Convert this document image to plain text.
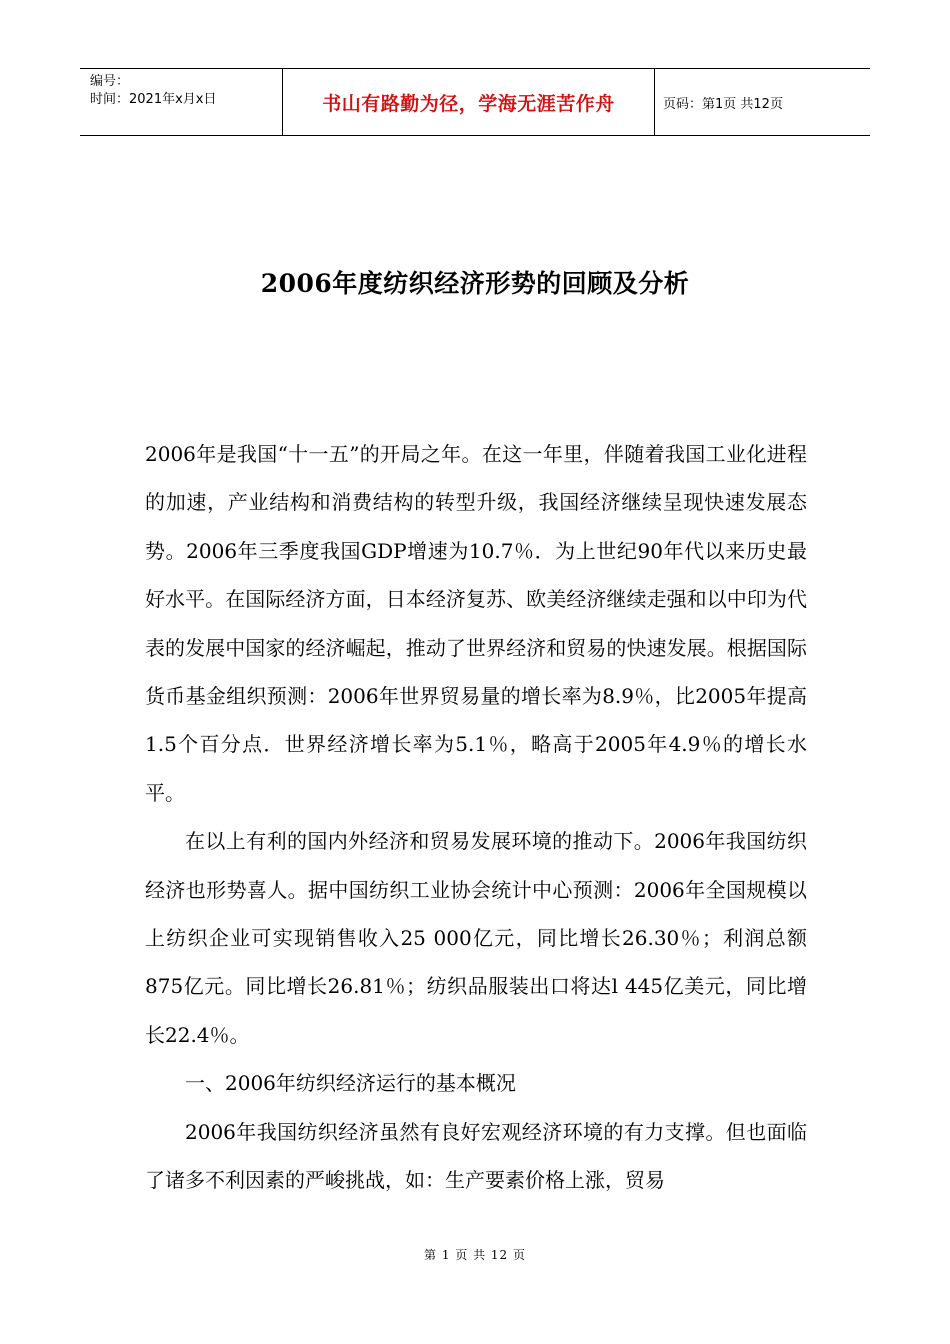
编号：
时间：2021年x月x日	书山有路勤为径，学海无涯苦作舟	页码：第1页 共12页
2006年度纺织经济形势的回顾及分析

2006年是我国“十一五”的开局之年。在这一年里，伴随着我国工业化进程的加速，产业结构和消费结构的转型升级，我国经济继续呈现快速发展态势。2006年三季度我国GDP增速为10.7％．为上世纪90年代以来历史最好水平。在国际经济方面，日本经济复苏、欧美经济继续走强和以中印为代表的发展中国家的经济崛起，推动了世界经济和贸易的快速发展。根据国际货币基金组织预测：2006年世界贸易量的增长率为8.9％，比2005年提高1.5个百分点．世界经济增长率为5.1％，略高于2005年4.9％的增长水平。

在以上有利的国内外经济和贸易发展环境的推动下。2006年我国纺织经济也形势喜人。据中国纺织工业协会统计中心预测：2006年全国规模以上纺织企业可实现销售收入25 000亿元，同比增长26.30％；利润总额875亿元。同比增长26.81％；纺织品服装出口将达l 445亿美元，同比增长22.4％。

一、2006年纺织经济运行的基本概况

2006年我国纺织经济虽然有良好宏观经济环境的有力支撑。但也面临了诸多不利因素的严峻挑战，如：生产要素价格上涨，贸易

第 1 页 共 12 页
